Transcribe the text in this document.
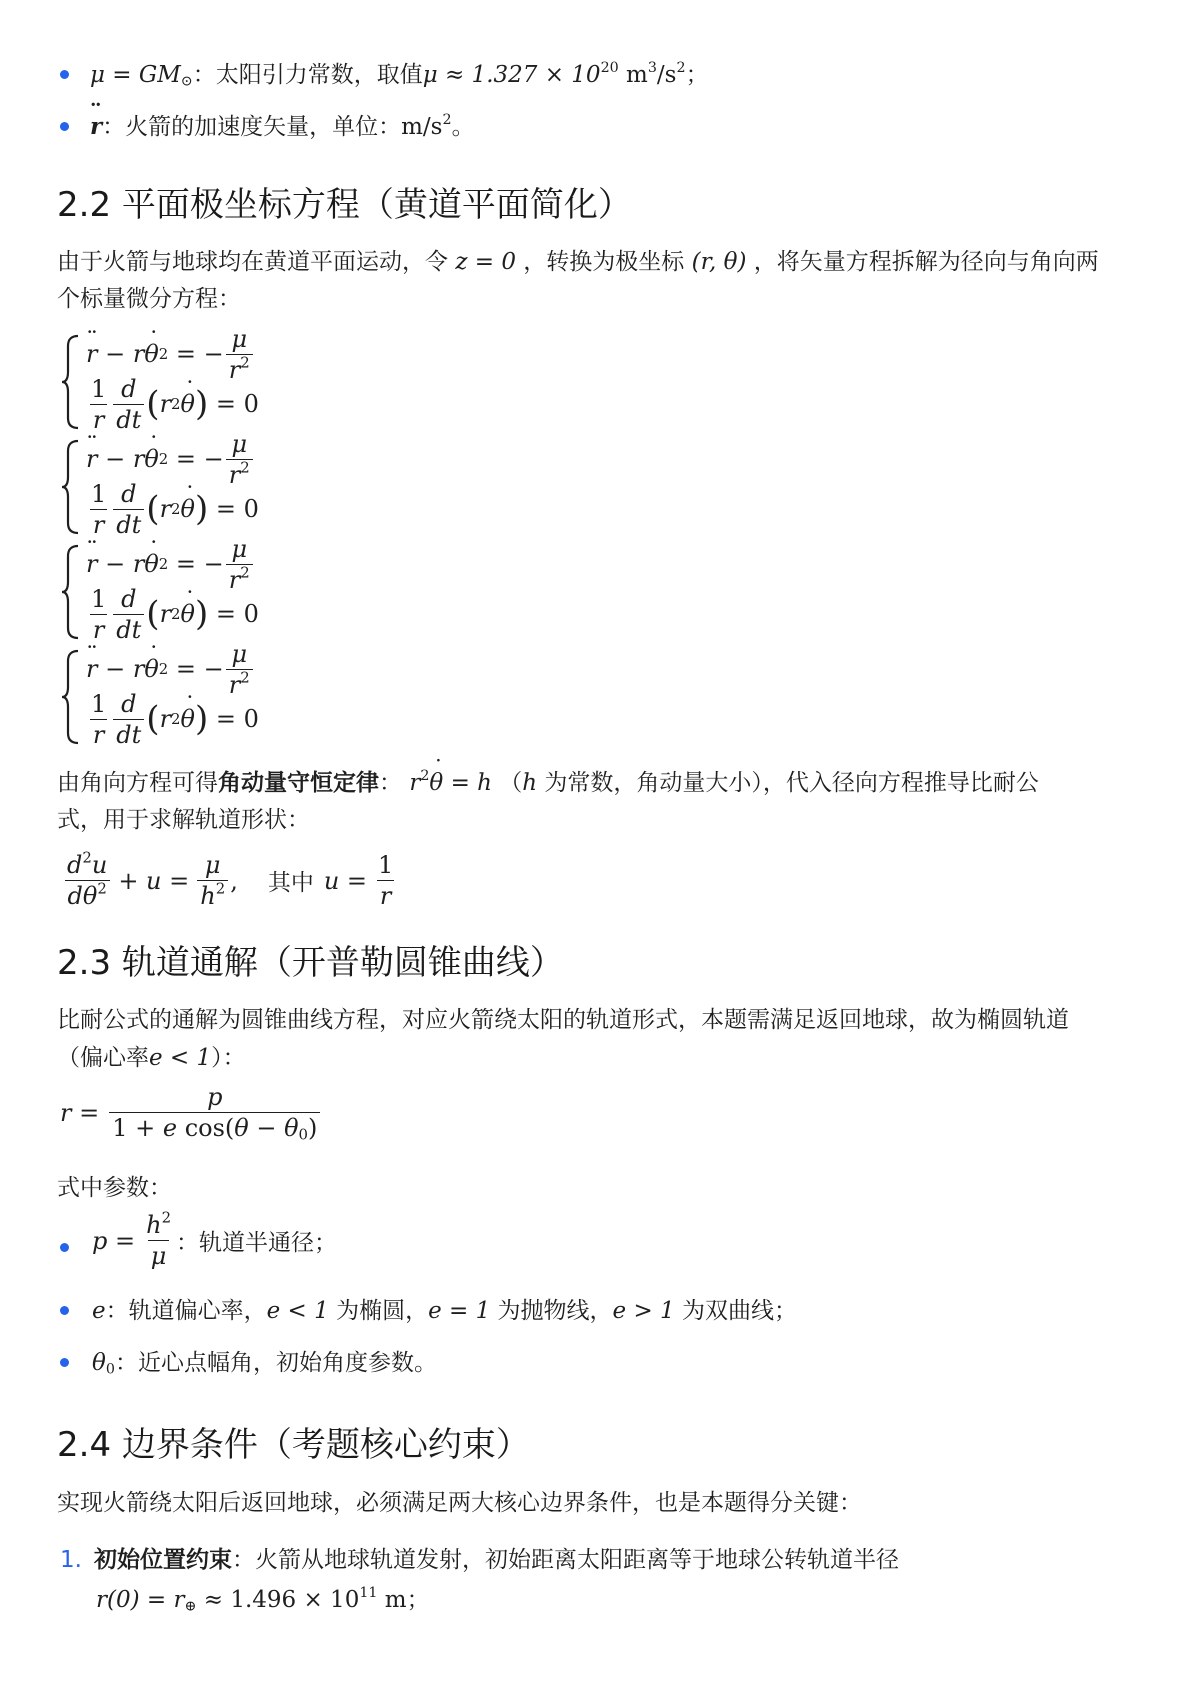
$\mu = GM_⊙$：太阳引力常数，取值$\mu \approx 1.327 \times 10^{20}$ $m^3/s^2$；
r ¨：火箭的加速度矢量，单位：$m/s^2$。
2.2 平面极坐标方程（黄道平面简化）
由于火箭与地球均在黄道平面运动，令 z = 0 ，转换为极坐标 (r, θ) ，将矢量方程拆解为径向与角向两
个标量微分方程：
r ¨
− r θ ˙ 2
= − $\frac{\mu}{r^2}$
$\frac{1}{r} \frac{d}{dt}$ ( r 2 θ ˙ )
= 0
r ¨
− r θ ˙ 2
= − $\frac{\mu}{r^2}$
$\frac{1}{r} \frac{d}{dt}$ ( r 2 θ ˙ )
= 0
r ¨
− r θ ˙ 2
= − $\frac{\mu}{r^2}$
$\frac{1}{r} \frac{d}{dt}$ ( r 2 θ ˙ )
= 0
r ¨
− r θ ˙ 2
= − $\frac{\mu}{r^2}$
$\frac{1}{r} \frac{d}{dt}$ ( r 2 θ ˙ )
= 0
由角向方程可得角动量守恒定律： $r^2\theta$ ˙ = h （h 为常数，角动量大小），代入径向方程推导比耐公
式，用于求解轨道形状：
$\frac{d^2u}{d\theta^2} + u = \frac{\mu}{h^2}$ , 其中 $u = \frac{1}{r}$
2.3 轨道通解（开普勒圆锥曲线）
比耐公式的通解为圆锥曲线方程，对应火箭绕太阳的轨道形式，本题需满足返回地球，故为椭圆轨道
（偏心率e < 1）：
$r = \frac{p}{1 + e \cos(\theta - \theta_0)}$
式中参数：
$p = \frac{h^2}{\mu}$ ： 轨道半通径；
e：轨道偏心率，e < 1 为椭圆，e = 1 为抛物线，e > 1 为双曲线；
$\theta_0$：近心点幅角，初始角度参数。
2.4 边界条件（考题核心约束）
实现火箭绕太阳后返回地球，必须满足两大核心边界条件，也是本题得分关键：
1. 初始位置约束：火箭从地球轨道发射，初始距离太阳距离等于地球公转轨道半径
$r(0) = r_\oplus \approx 1.496 \times 10^{11}$ m；
